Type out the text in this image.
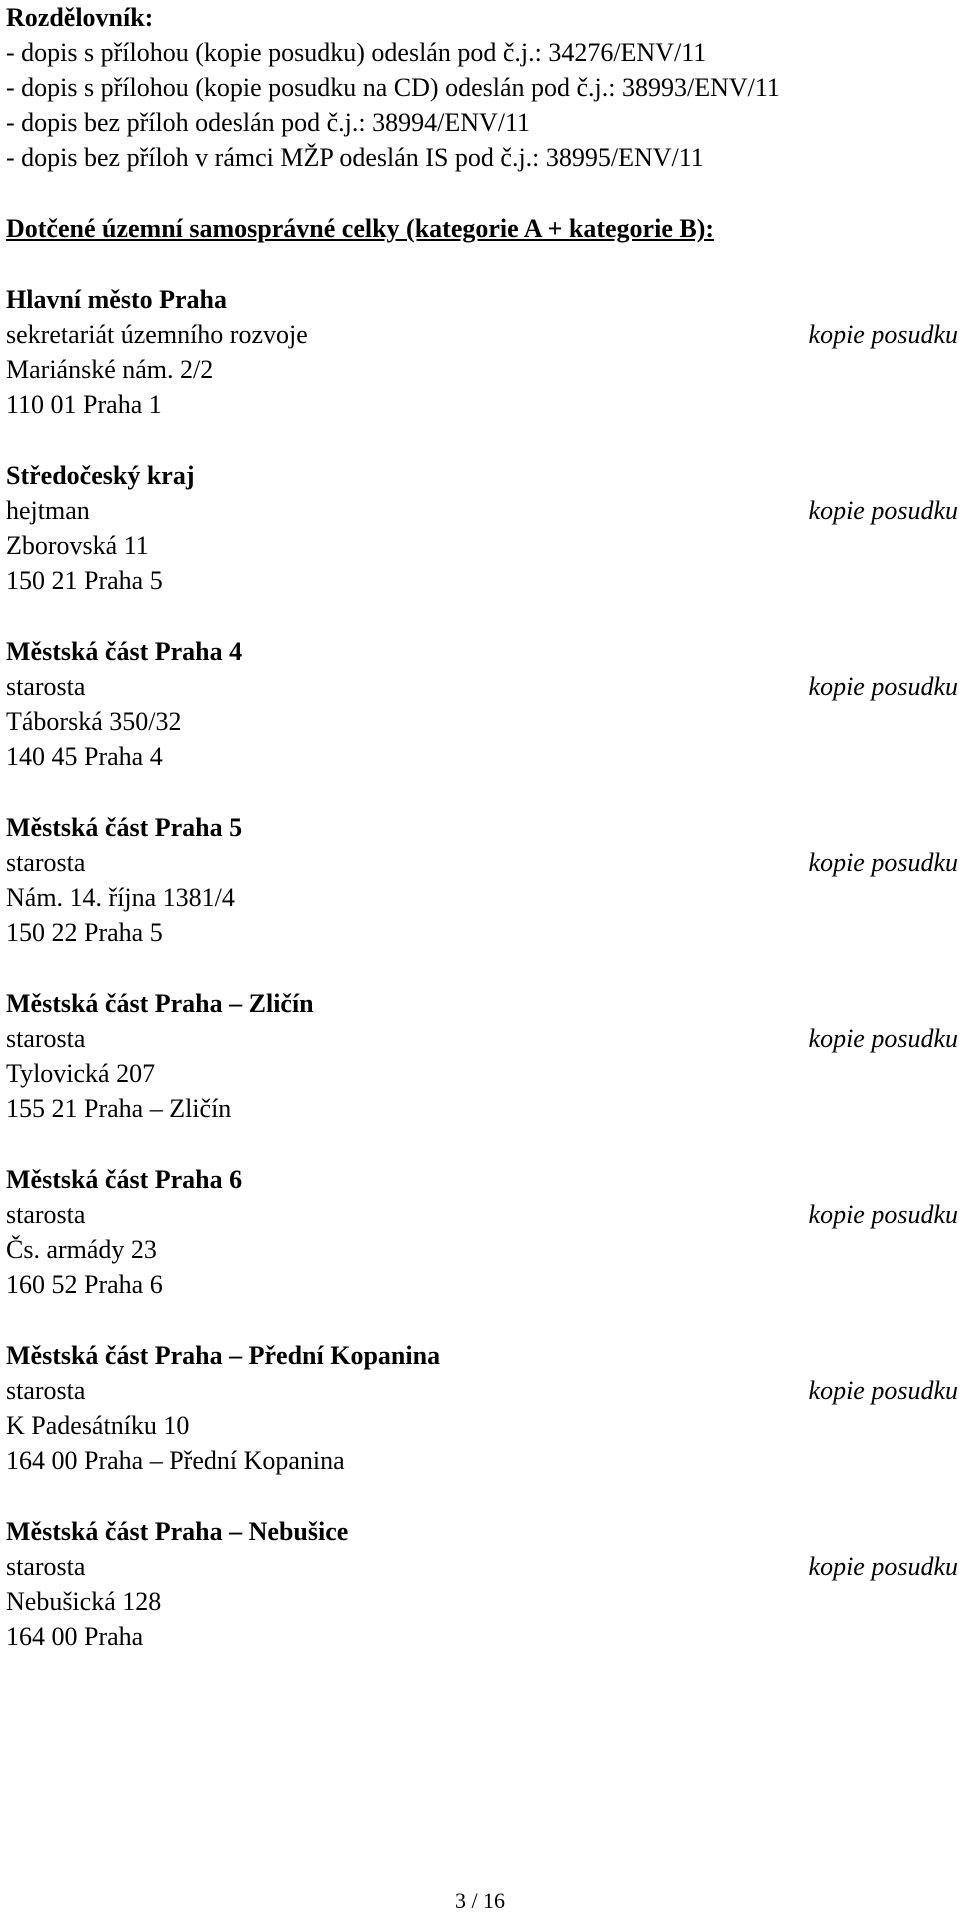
Rozdělovník:
- dopis s přílohou (kopie posudku) odeslán pod č.j.: 34276/ENV/11
- dopis s přílohou (kopie posudku na CD) odeslán pod č.j.: 38993/ENV/11
- dopis bez příloh odeslán pod č.j.: 38994/ENV/11
- dopis bez příloh v rámci MŽP odeslán IS pod č.j.: 38995/ENV/11
Dotčené územní samosprávné celky (kategorie A + kategorie B):
Hlavní město Praha
sekretariát územního rozvoje
Mariánské nám. 2/2
110 01 Praha 1
kopie posudku
Středočeský kraj
hejtman
Zborovská 11
150 21 Praha 5
kopie posudku
Městská část Praha 4
starosta
Táborská 350/32
140 45 Praha 4
kopie posudku
Městská část Praha 5
starosta
Nám. 14. října 1381/4
150 22 Praha 5
kopie posudku
Městská část Praha – Zličín
starosta
Tylovická 207
155 21 Praha – Zličín
kopie posudku
Městská část Praha 6
starosta
Čs. armády 23
160 52 Praha 6
kopie posudku
Městská část Praha – Přední Kopanina
starosta
K Padesátníku 10
164 00 Praha – Přední Kopanina
kopie posudku
Městská část Praha – Nebušice
starosta
Nebušická 128
164 00 Praha
kopie posudku
3 / 16
